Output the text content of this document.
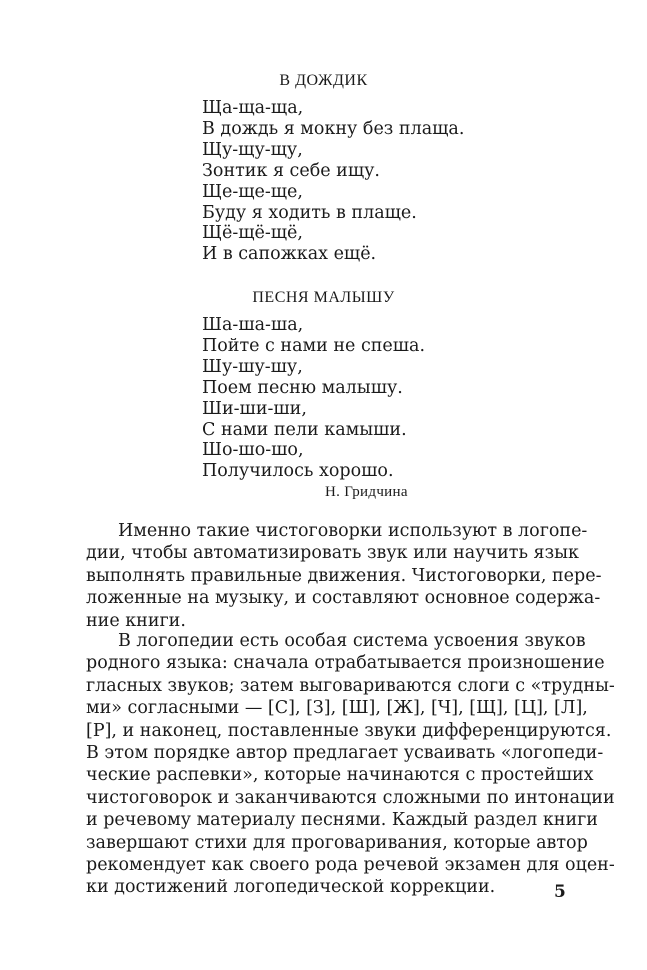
В ДОЖДИК
Ща-ща-ща,
В дождь я мокну без плаща.
Щу-щу-щу,
Зонтик я себе ищу.
Ще-ще-ще,
Буду я ходить в плаще.
Щё-щё-щё,
И в сапожках ещё.
ПЕСНЯ МАЛЫШУ
Ша-ша-ша,
Пойте с нами не спеша.
Шу-шу-шу,
Поем песню малышу.
Ши-ши-ши,
С нами пели камыши.
Шо-шо-шо,
Получилось хорошо.
Н. Гридчина
Именно такие чистоговорки используют в логопе-
дии, чтобы автоматизировать звук или научить язык
выполнять правильные движения. Чистоговорки, пере-
ложенные на музыку, и составляют основное содержа-
ние книги.
В логопедии есть особая система усвоения звуков
родного языка: сначала отрабатывается произношение
гласных звуков; затем выговариваются слоги с «трудны-
ми» согласными — [С], [З], [Ш], [Ж], [Ч], [Щ], [Ц], [Л],
[Р], и наконец, поставленные звуки дифференцируются.
В этом порядке автор предлагает усваивать «логопеди-
ческие распевки», которые начинаются с простейших
чистоговорок и заканчиваются сложными по интонации
и речевому материалу песнями. Каждый раздел книги
завершают стихи для проговаривания, которые автор
рекомендует как своего рода речевой экзамен для оцен-
ки достижений логопедической коррекции.	5
